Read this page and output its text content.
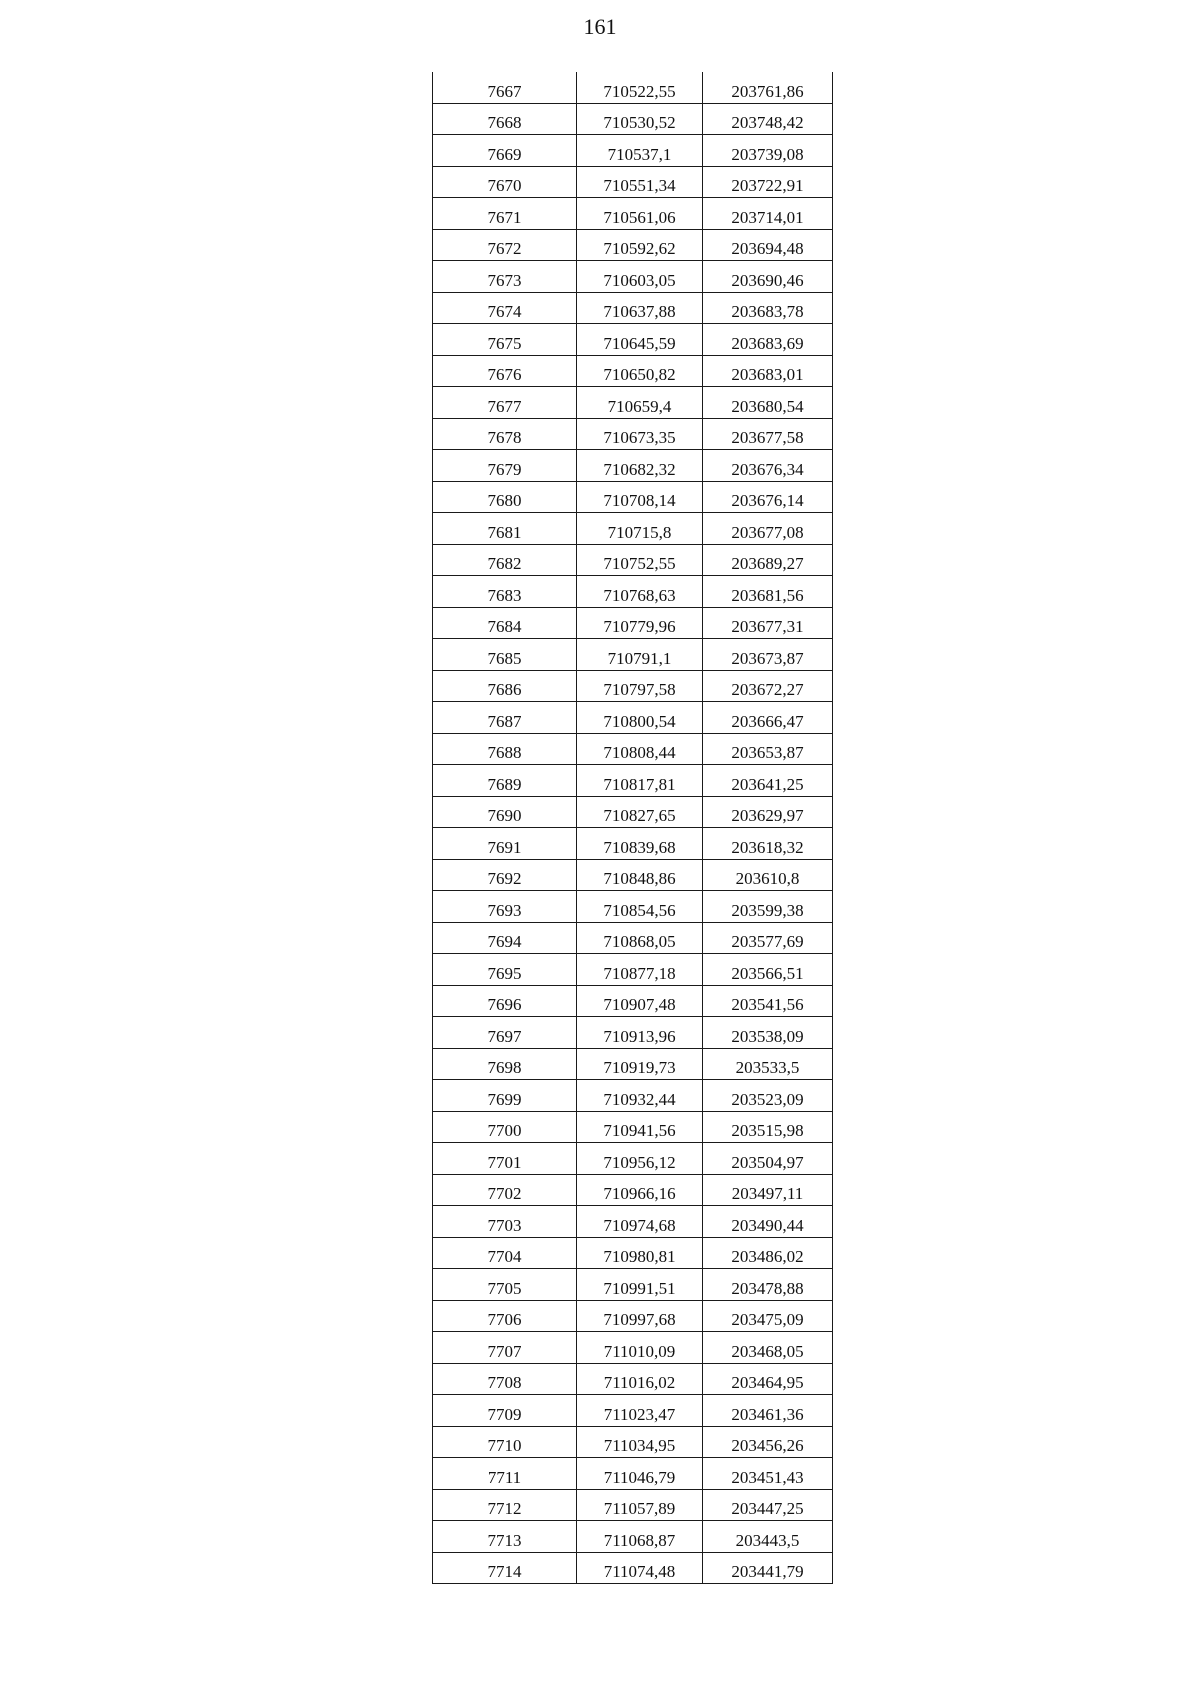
161
7667	710522,55	203761,86
7668	710530,52	203748,42
7669	710537,1	203739,08
7670	710551,34	203722,91
7671	710561,06	203714,01
7672	710592,62	203694,48
7673	710603,05	203690,46
7674	710637,88	203683,78
7675	710645,59	203683,69
7676	710650,82	203683,01
7677	710659,4	203680,54
7678	710673,35	203677,58
7679	710682,32	203676,34
7680	710708,14	203676,14
7681	710715,8	203677,08
7682	710752,55	203689,27
7683	710768,63	203681,56
7684	710779,96	203677,31
7685	710791,1	203673,87
7686	710797,58	203672,27
7687	710800,54	203666,47
7688	710808,44	203653,87
7689	710817,81	203641,25
7690	710827,65	203629,97
7691	710839,68	203618,32
7692	710848,86	203610,8
7693	710854,56	203599,38
7694	710868,05	203577,69
7695	710877,18	203566,51
7696	710907,48	203541,56
7697	710913,96	203538,09
7698	710919,73	203533,5
7699	710932,44	203523,09
7700	710941,56	203515,98
7701	710956,12	203504,97
7702	710966,16	203497,11
7703	710974,68	203490,44
7704	710980,81	203486,02
7705	710991,51	203478,88
7706	710997,68	203475,09
7707	711010,09	203468,05
7708	711016,02	203464,95
7709	711023,47	203461,36
7710	711034,95	203456,26
7711	711046,79	203451,43
7712	711057,89	203447,25
7713	711068,87	203443,5
7714	711074,48	203441,79
